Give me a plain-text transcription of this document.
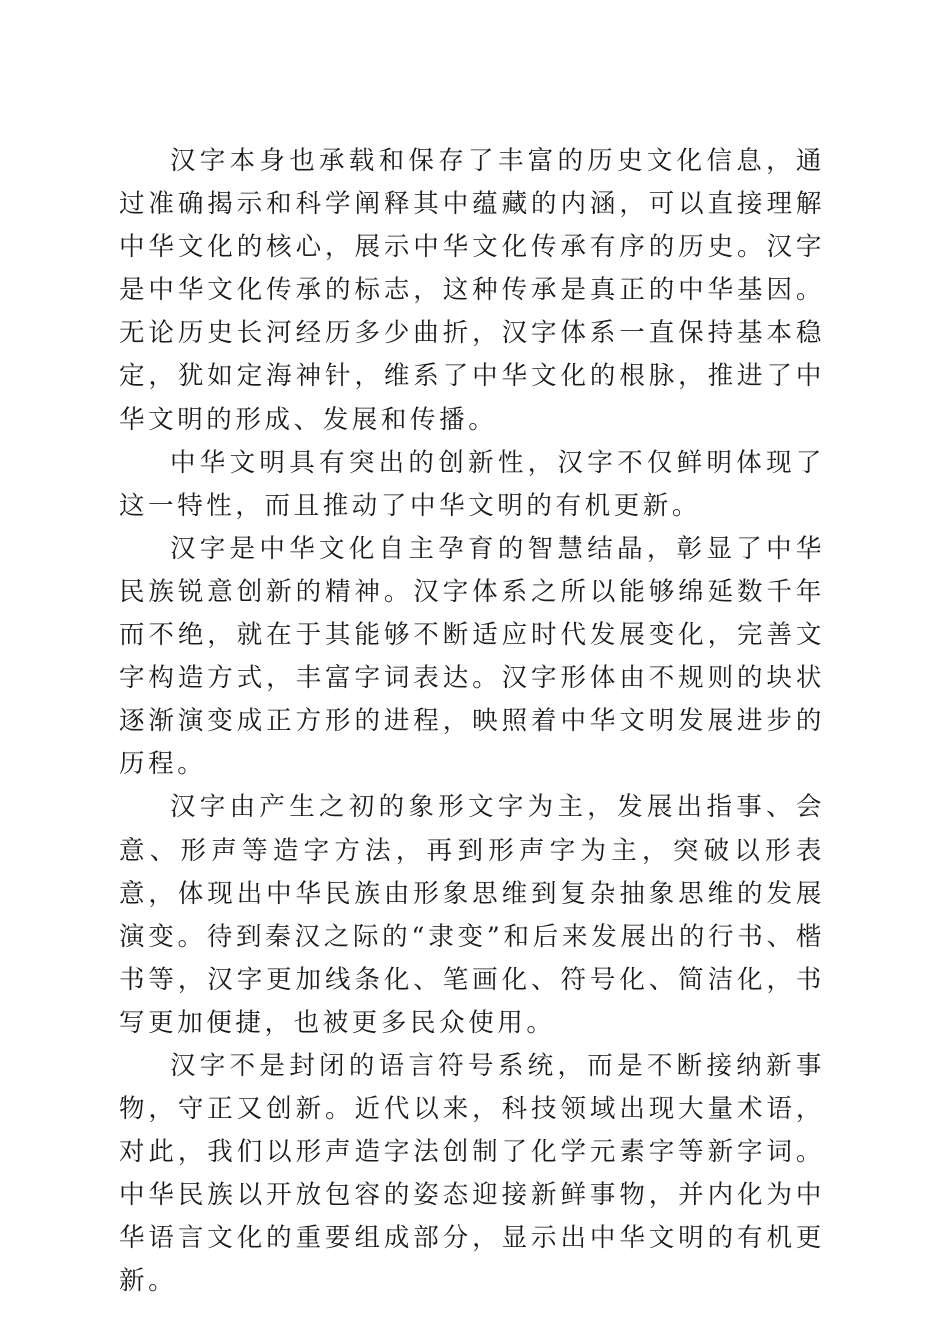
汉字本身也承载和保存了丰富的历史文化信息，通过准确揭示和科学阐释其中蕴藏的内涵，可以直接理解中华文化的核心，展示中华文化传承有序的历史。汉字是中华文化传承的标志，这种传承是真正的中华基因。无论历史长河经历多少曲折，汉字体系一直保持基本稳定，犹如定海神针，维系了中华文化的根脉，推进了中华文明的形成、发展和传播。

中华文明具有突出的创新性，汉字不仅鲜明体现了这一特性，而且推动了中华文明的有机更新。

汉字是中华文化自主孕育的智慧结晶，彰显了中华民族锐意创新的精神。汉字体系之所以能够绵延数千年而不绝，就在于其能够不断适应时代发展变化，完善文字构造方式，丰富字词表达。汉字形体由不规则的块状逐渐演变成正方形的进程，映照着中华文明发展进步的历程。

汉字由产生之初的象形文字为主，发展出指事、会意、形声等造字方法，再到形声字为主，突破以形表意，体现出中华民族由形象思维到复杂抽象思维的发展演变。待到秦汉之际的“隶变”和后来发展出的行书、楷书等，汉字更加线条化、笔画化、符号化、简洁化，书写更加便捷，也被更多民众使用。

汉字不是封闭的语言符号系统，而是不断接纳新事物，守正又创新。近代以来，科技领域出现大量术语，对此，我们以形声造字法创制了化学元素字等新字词。中华民族以开放包容的姿态迎接新鲜事物，并内化为中华语言文化的重要组成部分，显示出中华文明的有机更新。
